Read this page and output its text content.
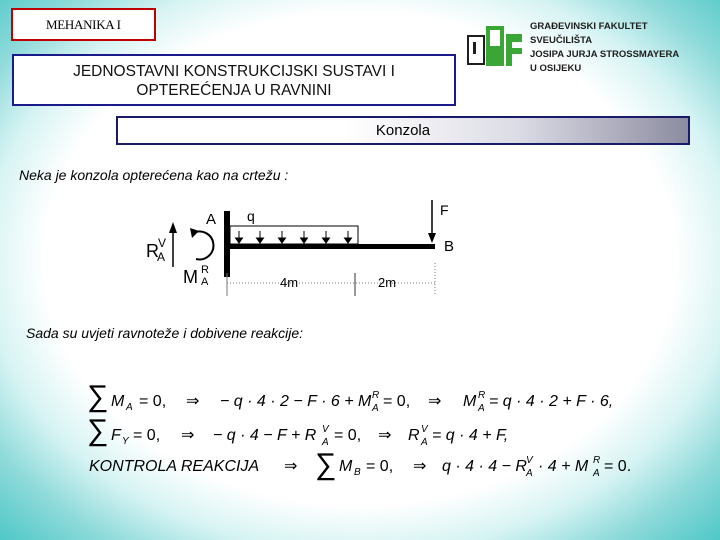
MEHANIKA I
JEDNOSTAVNI KONSTRUKCIJSKI SUSTAVI I
OPTEREĆENJA U RAVNINI
GRAĐEVINSKI FAKULTET
SVEUČILIŠTA
JOSIPA JURJA STROSSMAYERA
U OSIJEKU
Konzola
Neka je konzola opterećena kao na crtežu :
A q	F
B
R V
A
M R
A	4m	2m
Sada su uvjeti ravnoteže i dobivene reakcije:
∑ M A = 0, ⇒ − q · 4 · 2 − F · 6 + M R
A = 0, ⇒ M R
A = q · 4 · 2 + F · 6,
∑ F Y = 0, ⇒ − q · 4 − F + R V
A = 0, ⇒ R V
A = q · 4 + F,
KONTROLA REAKCIJA ⇒ ∑ M B = 0, ⇒ q · 4 · 4 − R V
A · 4 + M R
A = 0.
